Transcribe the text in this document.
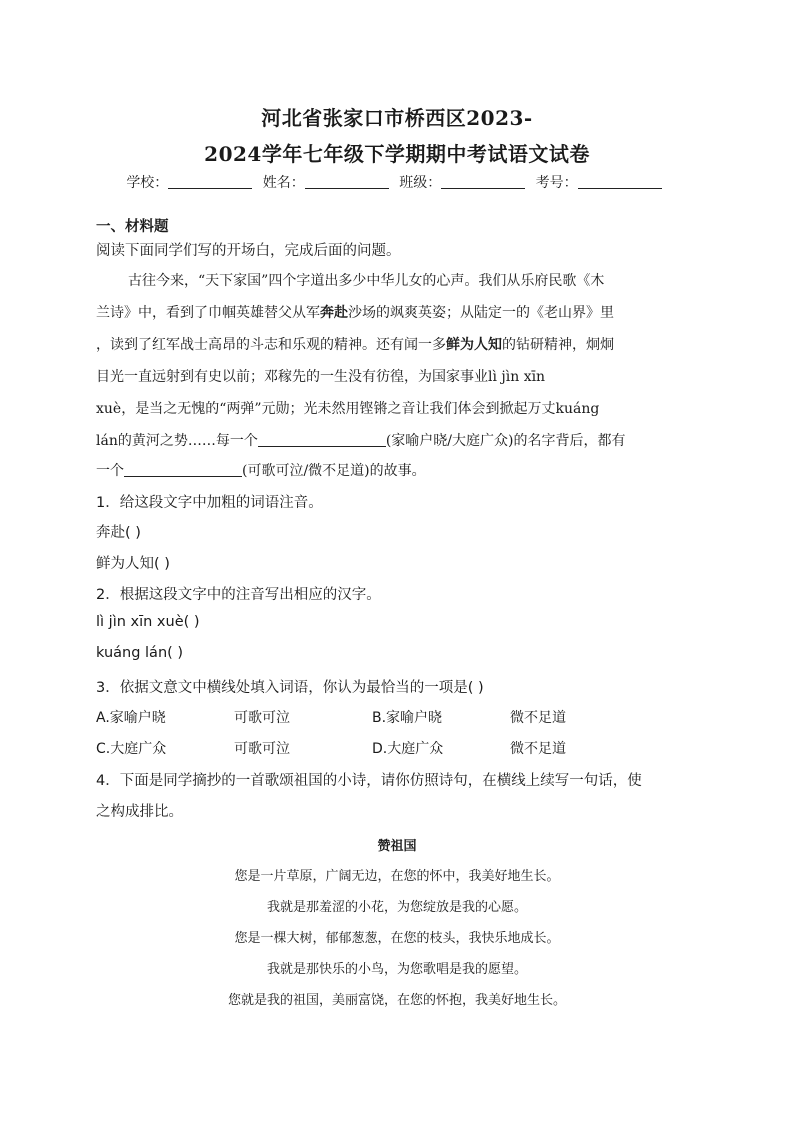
河北省张家口市桥西区2023-
2024学年七年级下学期期中考试语文试卷
学校：	姓名：	班级：	考号：
一、材料题
阅读下面同学们写的开场白，完成后面的问题。
古往今来，“天下家国”四个字道出多少中华儿女的心声。我们从乐府民歌《木
兰诗》中，看到了巾帼英雄替父从军奔赴沙场的飒爽英姿；从陆定一的《老山界》里
，读到了红军战士高昂的斗志和乐观的精神。还有闻一多鲜为人知的钻研精神，炯炯
目光一直远射到有史以前；邓稼先的一生没有彷徨，为国家事业lì jìn xīn
xuè，是当之无愧的“两弹”元勋；光未然用铿锵之音让我们体会到掀起万丈kuáng
lán的黄河之势……每一个	(家喻户晓/大庭广众)的名字背后，都有
一个	(可歌可泣/微不足道)的故事。
1．给这段文字中加粗的词语注音。
奔赴( )
鲜为人知( )
2．根据这段文字中的注音写出相应的汉字。
lì jìn xīn xuè( )
kuáng lán( )
3．依据文意文中横线处填入词语，你认为最恰当的一项是( )
A.家喻户晓	可歌可泣	B.家喻户晓	微不足道
C.大庭广众	可歌可泣	D.大庭广众	微不足道
4．下面是同学摘抄的一首歌颂祖国的小诗，请你仿照诗句，在横线上续写一句话，使
之构成排比。
赞祖国
您是一片草原，广阔无边，在您的怀中，我美好地生长。
我就是那羞涩的小花，为您绽放是我的心愿。
您是一棵大树，郁郁葱葱，在您的枝头，我快乐地成长。
我就是那快乐的小鸟，为您歌唱是我的愿望。
您就是我的祖国，美丽富饶，在您的怀抱，我美好地生长。
